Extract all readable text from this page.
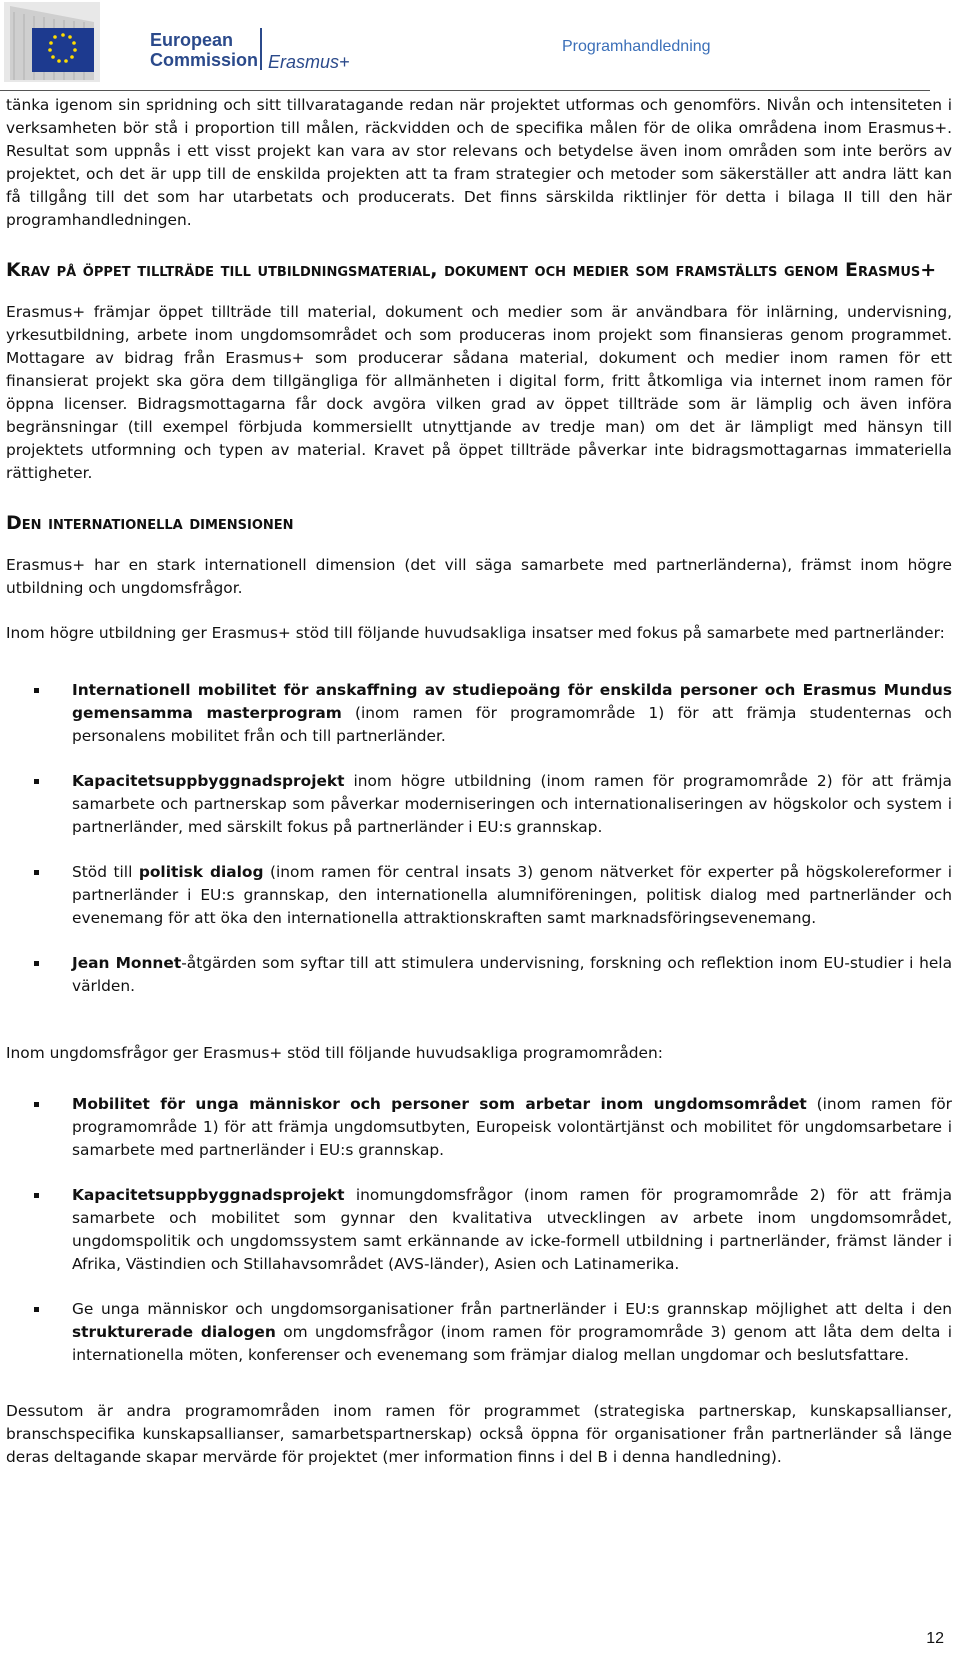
European
Commission Erasmus+
Programhandledning

tänka igenom sin spridning och sitt tillvaratagande redan när projektet utformas och genomförs. Nivån och intensiteten i verksamheten bör stå i proportion till målen, räckvidden och de specifika målen för de olika områdena inom Erasmus+. Resultat som uppnås i ett visst projekt kan vara av stor relevans och betydelse även inom områden som inte berörs av projektet, och det är upp till de enskilda projekten att ta fram strategier och metoder som säkerställer att andra lätt kan få tillgång till det som har utarbetats och producerats. Det finns särskilda riktlinjer för detta i bilaga II till den här programhandledningen.

Krav på öppet tillträde till utbildningsmaterial, dokument och medier som framställts genom Erasmus+

Erasmus+ främjar öppet tillträde till material, dokument och medier som är användbara för inlärning, undervisning, yrkesutbildning, arbete inom ungdomsområdet och som produceras inom projekt som finansieras genom programmet. Mottagare av bidrag från Erasmus+ som producerar sådana material, dokument och medier inom ramen för ett finansierat projekt ska göra dem tillgängliga för allmänheten i digital form, fritt åtkomliga via internet inom ramen för öppna licenser. Bidragsmottagarna får dock avgöra vilken grad av öppet tillträde som är lämplig och även införa begränsningar (till exempel förbjuda kommersiellt utnyttjande av tredje man) om det är lämpligt med hänsyn till projektets utformning och typen av material. Kravet på öppet tillträde påverkar inte bidragsmottagarnas immateriella rättigheter.

Den internationella dimensionen

Erasmus+ har en stark internationell dimension (det vill säga samarbete med partnerländerna), främst inom högre utbildning och ungdomsfrågor.

Inom högre utbildning ger Erasmus+ stöd till följande huvudsakliga insatser med fokus på samarbete med partnerländer:

Internationell mobilitet för anskaffning av studiepoäng för enskilda personer och Erasmus Mundus gemensamma masterprogram (inom ramen för programområde 1) för att främja studenternas och personalens mobilitet från och till partnerländer.
Kapacitetsuppbyggnadsprojekt inom högre utbildning (inom ramen för programområde 2) för att främja samarbete och partnerskap som påverkar moderniseringen och internationaliseringen av högskolor och system i partnerländer, med särskilt fokus på partnerländer i EU:s grannskap.
Stöd till politisk dialog (inom ramen för central insats 3) genom nätverket för experter på högskolereformer i partnerländer i EU:s grannskap, den internationella alumniföreningen, politisk dialog med partnerländer och evenemang för att öka den internationella attraktionskraften samt marknadsföringsevenemang.
Jean Monnet-åtgärden som syftar till att stimulera undervisning, forskning och reflektion inom EU-studier i hela världen.

Inom ungdomsfrågor ger Erasmus+ stöd till följande huvudsakliga programområden:

Mobilitet för unga människor och personer som arbetar inom ungdomsområdet (inom ramen för programområde 1) för att främja ungdomsutbyten, Europeisk volontärtjänst och mobilitet för ungdomsarbetare i samarbete med partnerländer i EU:s grannskap.
Kapacitetsuppbyggnadsprojekt inomungdomsfrågor (inom ramen för programområde 2) för att främja samarbete och mobilitet som gynnar den kvalitativa utvecklingen av arbete inom ungdomsområdet, ungdomspolitik och ungdomssystem samt erkännande av icke-formell utbildning i partnerländer, främst länder i Afrika, Västindien och Stillahavsområdet (AVS-länder), Asien och Latinamerika.
Ge unga människor och ungdomsorganisationer från partnerländer i EU:s grannskap möjlighet att delta i den strukturerade dialogen om ungdomsfrågor (inom ramen för programområde 3) genom att låta dem delta i internationella möten, konferenser och evenemang som främjar dialog mellan ungdomar och beslutsfattare.

Dessutom är andra programområden inom ramen för programmet (strategiska partnerskap, kunskapsallianser, branschspecifika kunskapsallianser, samarbetspartnerskap) också öppna för organisationer från partnerländer så länge deras deltagande skapar mervärde för projektet (mer information finns i del B i denna handledning).

12
